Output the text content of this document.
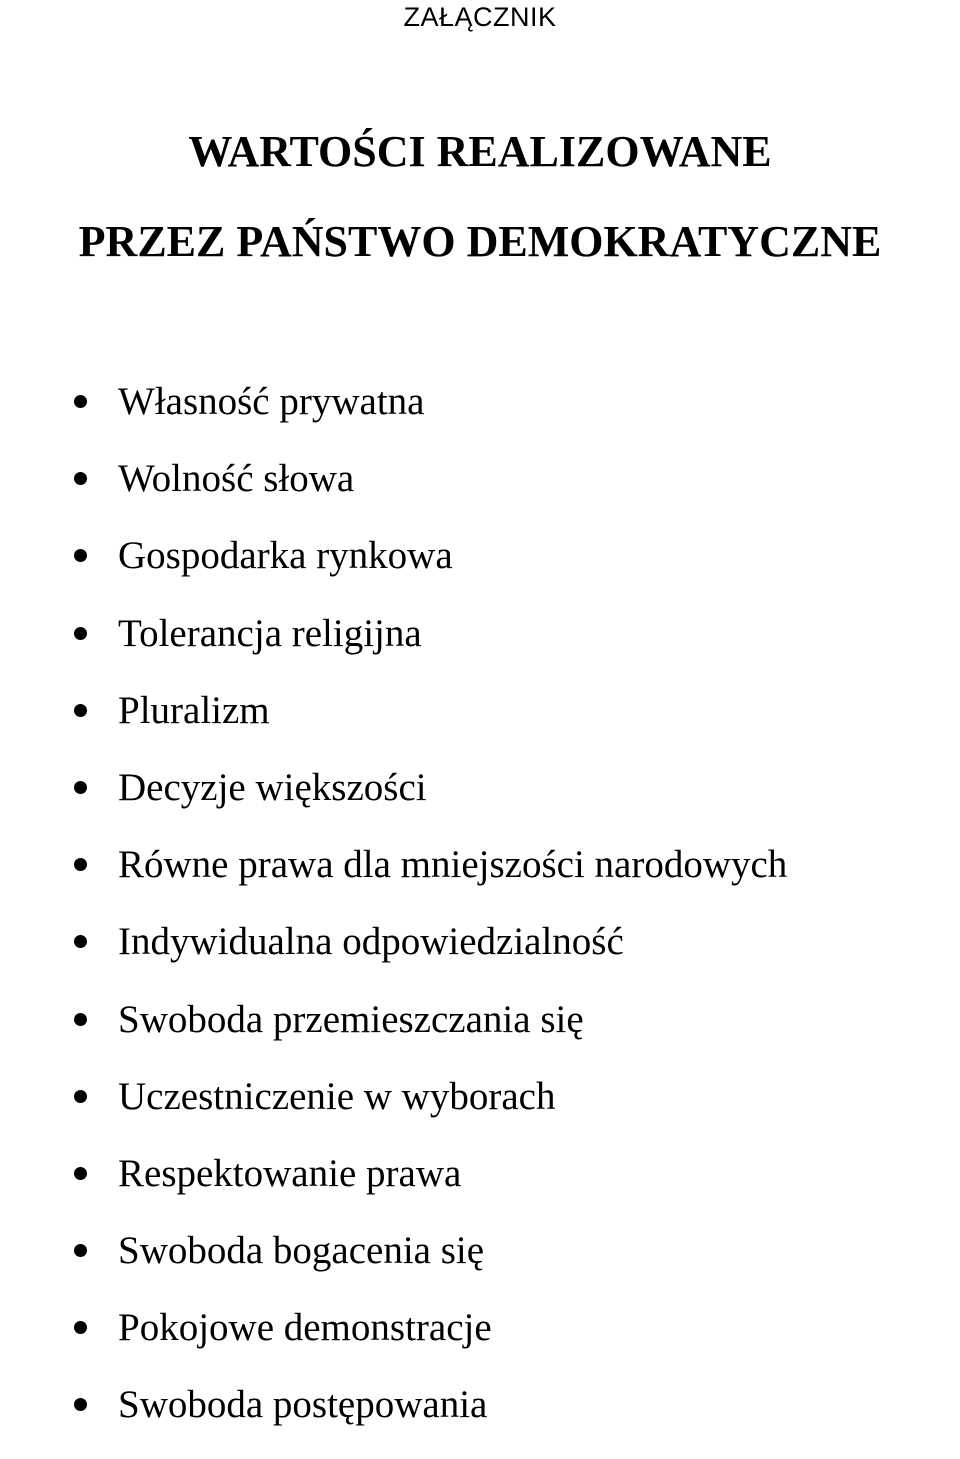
ZAŁĄCZNIK
WARTOŚCI REALIZOWANE
PRZEZ PAŃSTWO DEMOKRATYCZNE
Własność prywatna
Wolność słowa
Gospodarka rynkowa
Tolerancja religijna
Pluralizm
Decyzje większości
Równe prawa dla mniejszości narodowych
Indywidualna odpowiedzialność
Swoboda przemieszczania się
Uczestniczenie w wyborach
Respektowanie prawa
Swoboda bogacenia się
Pokojowe demonstracje
Swoboda postępowania
